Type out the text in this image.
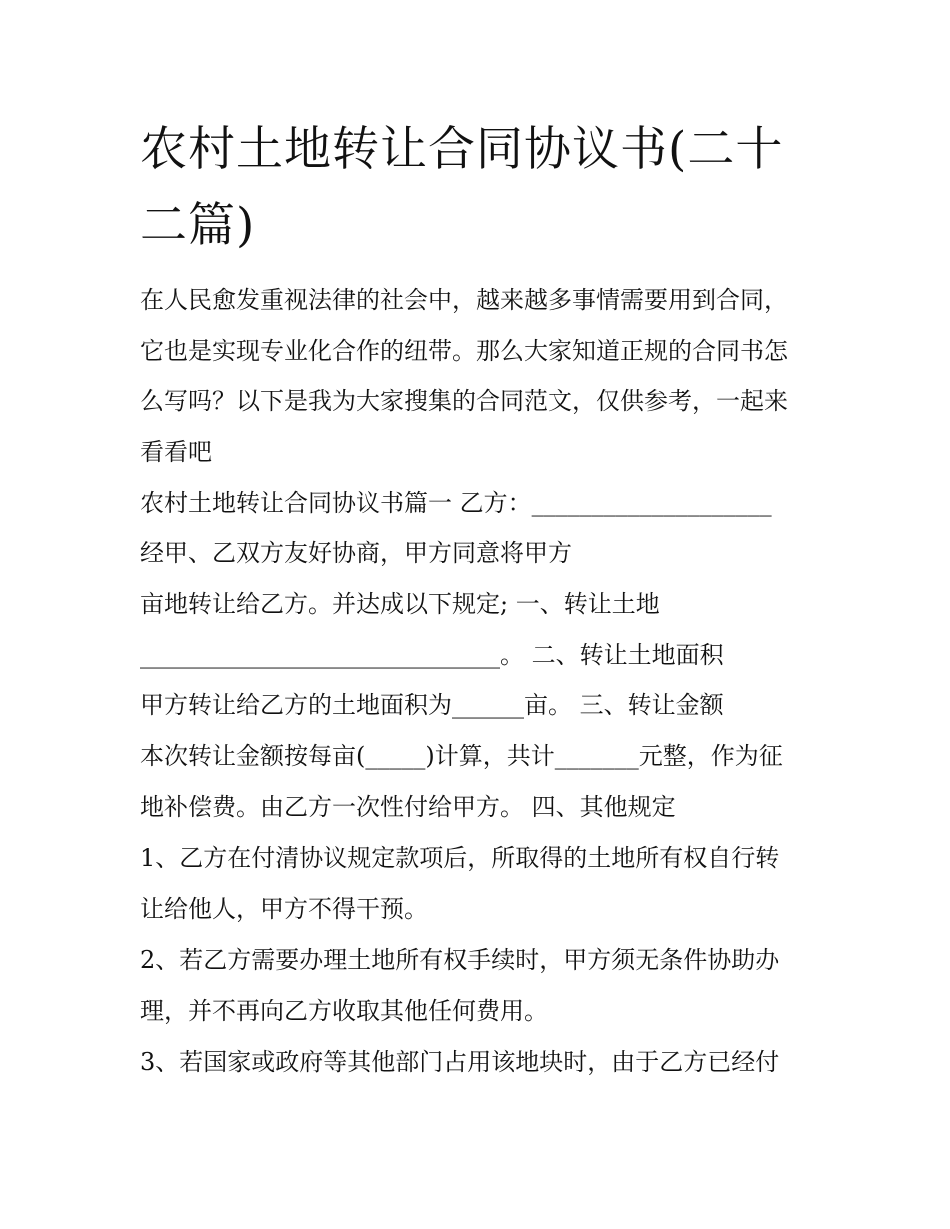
农村土地转让合同协议书(二十二篇)

在人民愈发重视法律的社会中，越来越多事情需要用到合同，

它也是实现专业化合作的纽带。那么大家知道正规的合同书怎

么写吗？以下是我为大家搜集的合同范文，仅供参考，一起来

看看吧

农村土地转让合同协议书篇一 乙方：____________________

经甲、乙双方友好协商，甲方同意将甲方

亩地转让给乙方。并达成以下规定; 一、转让土地

______________________________。 二、转让土地面积

甲方转让给乙方的土地面积为______亩。 三、转让金额

本次转让金额按每亩(_____)计算，共计_______元整，作为征

地补偿费。由乙方一次性付给甲方。 四、其他规定

1、乙方在付清协议规定款项后，所取得的土地所有权自行转

让给他人，甲方不得干预。

2、若乙方需要办理土地所有权手续时，甲方须无条件协助办

理，并不再向乙方收取其他任何费用。

3、若国家或政府等其他部门占用该地块时，由于乙方已经付
